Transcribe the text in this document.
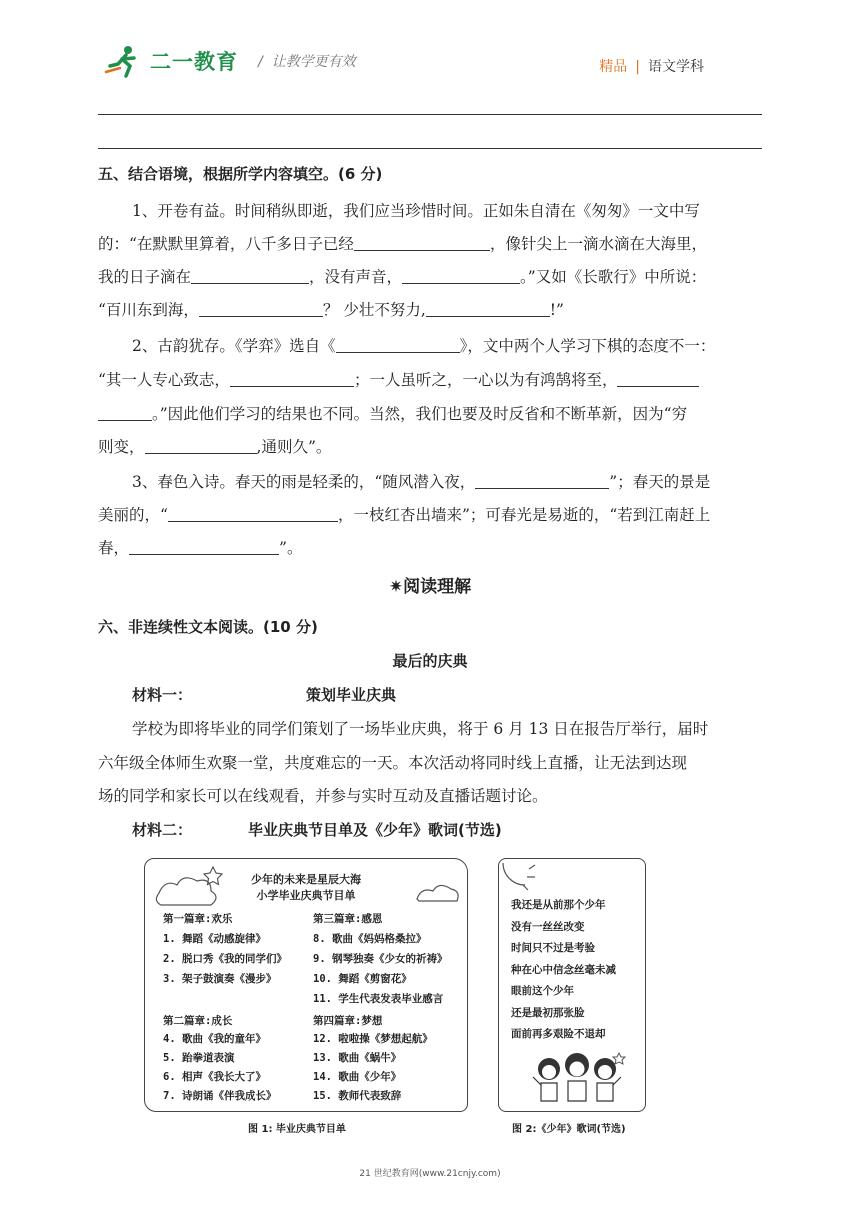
二一教育 /  让教学更有效	精品 | 语文学科
五、结合语境，根据所学内容填空。(6 分)
1、开卷有益。时间稍纵即逝，我们应当珍惜时间。正如朱自清在《匆匆》一文中写
的：“在默默里算着，八千多日子已经	，像针尖上一滴水滴在大海里，
我的日子滴在	，没有声音，	。”又如《长歌行》中所说：
“百川东到海，	？ 少壮不努力,	!”
2、古韵犹存。《学弈》选自《	》，文中两个人学习下棋的态度不一：
“其一人专心致志，	；一人虽听之，一心以为有鸿鹄将至，
。”因此他们学习的结果也不同。当然，我们也要及时反省和不断革新，因为“穷
则变，	,通则久”。
3、春色入诗。春天的雨是轻柔的，“随风潜入夜，	”；春天的景是
美丽的，“	，一枝红杏出墙来”；可春光是易逝的，“若到江南赶上
春，	”。
✷阅读理解
六、非连续性文本阅读。(10 分)
最后的庆典
材料一：	策划毕业庆典
学校为即将毕业的同学们策划了一场毕业庆典，将于 6 月 13 日在报告厅举行，届时
六年级全体师生欢聚一堂，共度难忘的一天。本次活动将同时线上直播，让无法到达现
场的同学和家长可以在线观看，并参与实时互动及直播话题讨论。
材料二：	毕业庆典节目单及《少年》歌词(节选)
少年的未来是星辰大海
小学毕业庆典节目单
第一篇章:欢乐
1. 舞蹈《动感旋律》
2. 脱口秀《我的同学们》
3. 架子鼓演奏《漫步》
第二篇章:成长
4. 歌曲《我的童年》
5. 跆拳道表演
6. 相声《我长大了》
7. 诗朗诵《伴我成长》
第三篇章:感恩
8. 歌曲《妈妈格桑拉》
9. 钢琴独奏《少女的祈祷》
10. 舞蹈《剪窗花》
11. 学生代表发表毕业感言
第四篇章:梦想
12. 啦啦操《梦想起航》
13. 歌曲《蜗牛》
14. 歌曲《少年》
15. 教师代表致辞
图 1: 毕业庆典节目单
我还是从前那个少年
没有一丝丝改变
时间只不过是考验
种在心中信念丝毫未减
眼前这个少年
还是最初那张脸
面前再多艰险不退却
图 2:《少年》歌词(节选)
21 世纪教育网(www.21cnjy.com)
